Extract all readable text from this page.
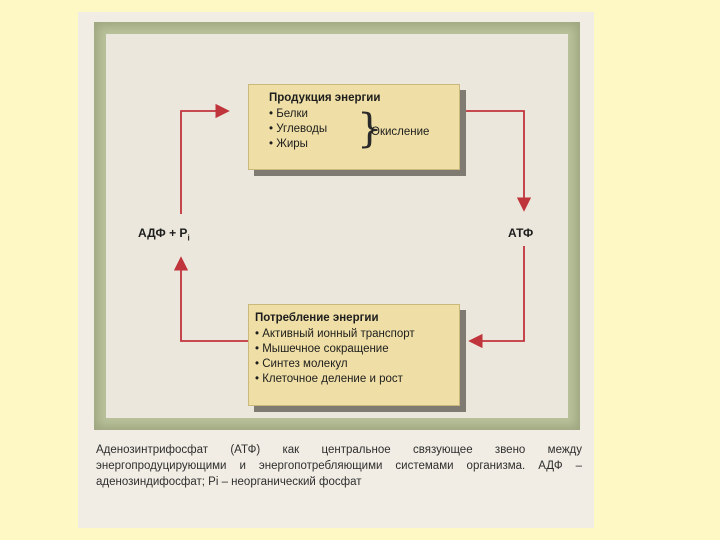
Продукция энергии
• Белки
• Углеводы
• Жиры	}
Окисление
Потребление энергии
• Активный ионный транспорт
• Мышечное сокращение
• Синтез молекул
• Клеточное деление и рост
АДФ + $P_i$	АТФ
Аденозинтрифосфат (АТФ) как центральное связующее звено между энергопродуцирующими и энергопотребляющими системами организма. АДФ – аденозиндифосфат; Pi – неорганический фосфат
